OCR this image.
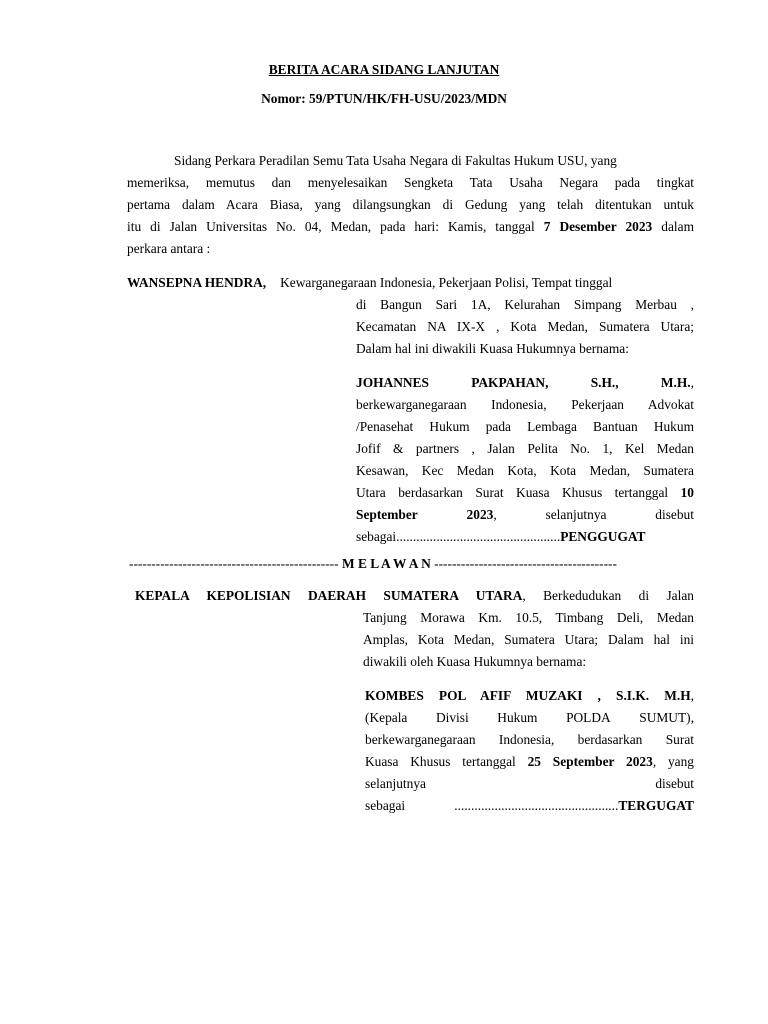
BERITA ACARA SIDANG LANJUTAN
Nomor: 59/PTUN/HK/FH-USU/2023/MDN
Sidang Perkara Peradilan Semu Tata Usaha Negara di Fakultas Hukum USU, yang
memeriksa, memutus dan menyelesaikan Sengketa Tata Usaha Negara pada tingkat
pertama dalam Acara Biasa, yang dilangsungkan di Gedung yang telah ditentukan untuk
itu di Jalan Universitas No. 04, Medan, pada hari: Kamis, tanggal 7 Desember 2023 dalam
perkara antara :
WANSEPNA HENDRA, Kewarganegaraan Indonesia, Pekerjaan Polisi, Tempat tinggal
di Bangun Sari 1A, Kelurahan Simpang Merbau ,
Kecamatan NA IX-X , Kota Medan, Sumatera Utara;
Dalam hal ini diwakili Kuasa Hukumnya bernama:
JOHANNES	PAKPAHAN,	S.H.,	M.H.,
berkewarganegaraan Indonesia, Pekerjaan Advokat
/Penasehat Hukum pada Lembaga Bantuan Hukum
Jofif & partners , Jalan Pelita No. 1, Kel Medan
Kesawan, Kec Medan Kota, Kota Medan, Sumatera
Utara berdasarkan Surat Kuasa Khusus tertanggal 10
September	2023,	selanjutnya	disebut
sebagai.................................................PENGGUGAT
----------------------------------------------- M E L A W A N -----------------------------------------
KEPALA KEPOLISIAN DAERAH SUMATERA UTARA, Berkedudukan di Jalan
Tanjung Morawa Km. 10.5, Timbang Deli, Medan
Amplas, Kota Medan, Sumatera Utara; Dalam hal ini
diwakili oleh Kuasa Hukumnya bernama:
KOMBES POL AFIF MUZAKI , S.I.K. M.H,
(Kepala Divisi Hukum POLDA SUMUT),
berkewarganegaraan Indonesia, berdasarkan Surat
Kuasa Khusus tertanggal 25 September 2023, yang
selanjutnya	disebut
sebagai .................................................TERGUGAT
